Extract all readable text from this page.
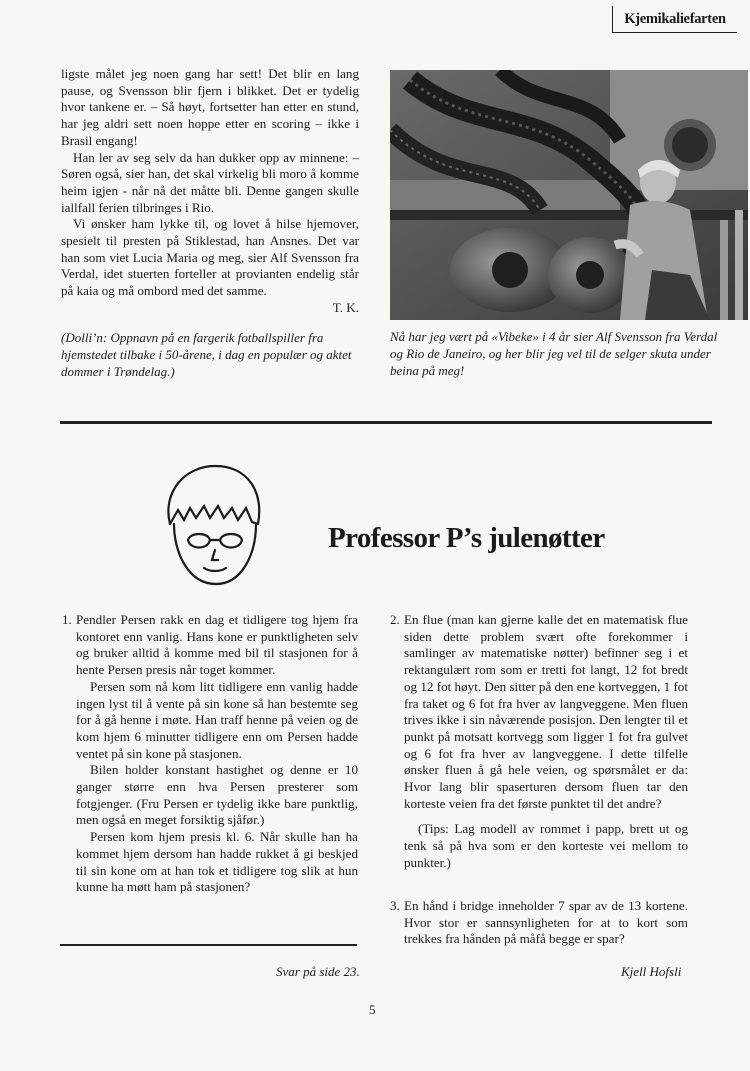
Kjemikaliefarten

ligste målet jeg noen gang har sett! Det blir en lang pause, og Svensson blir fjern i blikket. Det er tydelig hvor tankene er. – Så høyt, fortsetter han etter en stund, har jeg aldri sett noen hoppe etter en scoring – ikke i Brasil engang!

Han ler av seg selv da han dukker opp av minnene: –Søren også, sier han, det skal virkelig bli moro å komme heim igjen - når nå det måtte bli. Denne gangen skulle iallfall ferien tilbringes i Rio.

Vi ønsker ham lykke til, og lovet å hilse hjemover, spesielt til presten på Stiklestad, han Ansnes. Det var han som viet Lucia Maria og meg, sier Alf Svensson fra Verdal, idet stuerten forteller at provianten endelig står på kaia og må ombord med det samme.

T. K.

(Dolli’n: Oppnavn på en fargerik fotballspiller fra hjemstedet tilbake i 50-årene, i dag en populær og aktet dommer i Trøndelag.)
Nå har jeg vært på «Vibeke» i 4 år sier Alf Svensson fra Verdal og Rio de Janeiro, og her blir jeg vel til de selger skuta under beina på meg!
Professor P’s julenøtter
1. Pendler Persen rakk en dag et tidligere tog hjem fra kontoret enn vanlig. Hans kone er punktligheten selv og bruker alltid å komme med bil til stasjonen for å hente Persen presis når toget kommer.

Persen som nå kom litt tidligere enn vanlig hadde ingen lyst til å vente på sin kone så han bestemte seg for å gå henne i møte. Han traff henne på veien og de kom hjem 6 minutter tidligere enn om Persen hadde ventet på sin kone på stasjonen.

Bilen holder konstant hastighet og denne er 10 ganger større enn hva Persen presterer som fotgjenger. (Fru Persen er tydelig ikke bare punktlig, men også en meget forsiktig sjåfør.)

Persen kom hjem presis kl. 6. Når skulle han ha kommet hjem dersom han hadde rukket å gi beskjed til sin kone om at han tok et tidligere tog slik at hun kunne ha møtt ham på stasjonen?

Svar på side 23.
2. En flue (man kan gjerne kalle det en matematisk flue siden dette problem svært ofte forekommer i samlinger av matematiske nøtter) befinner seg i et rektangulært rom som er tretti fot langt, 12 fot bredt og 12 fot høyt. Den sitter på den ene kortveggen, 1 fot fra taket og 6 fot fra hver av langveggene. Men fluen trives ikke i sin nåværende posisjon. Den lengter til et punkt på motsatt kortvegg som ligger 1 fot fra gulvet og 6 fot fra hver av langveggene. I dette tilfelle ønsker fluen å gå hele veien, og spørsmålet er da: Hvor lang blir spaserturen dersom fluen tar den korteste veien fra det første punktet til det andre?

(Tips: Lag modell av rommet i papp, brett ut og tenk så på hva som er den korteste vei mellom to punkter.)

3. En hånd i bridge inneholder 7 spar av de 13 kortene. Hvor stor er sannsynligheten for at to kort som trekkes fra hånden på måfå begge er spar?

Kjell Hofsli
5
